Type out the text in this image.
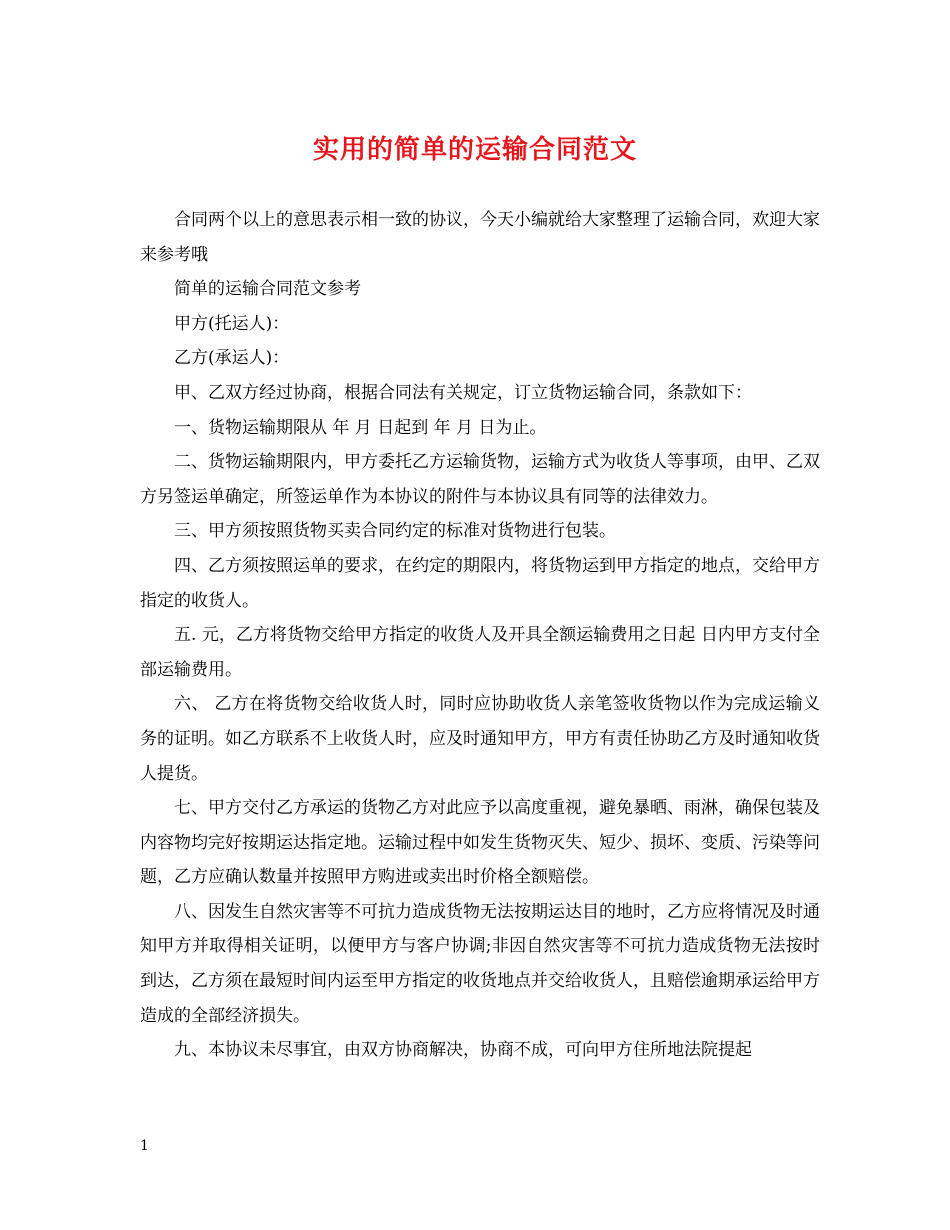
实用的简单的运输合同范文

合同两个以上的意思表示相一致的协议，今天小编就给大家整理了运输合同，欢迎大家来参考哦

简单的运输合同范文参考

甲方(托运人)：

乙方(承运人)：

甲、乙双方经过协商，根据合同法有关规定，订立货物运输合同，条款如下：

一、货物运输期限从 年 月 日起到 年 月 日为止。

二、货物运输期限内，甲方委托乙方运输货物，运输方式为收货人等事项，由甲、乙双方另签运单确定，所签运单作为本协议的附件与本协议具有同等的法律效力。

三、甲方须按照货物买卖合同约定的标准对货物进行包装。

四、乙方须按照运单的要求，在约定的期限内，将货物运到甲方指定的地点，交给甲方指定的收货人。

五. 元，乙方将货物交给甲方指定的收货人及开具全额运输费用之日起 日内甲方支付全部运输费用。

六、 乙方在将货物交给收货人时，同时应协助收货人亲笔签收货物以作为完成运输义务的证明。如乙方联系不上收货人时，应及时通知甲方，甲方有责任协助乙方及时通知收货人提货。

七、甲方交付乙方承运的货物乙方对此应予以高度重视，避免暴晒、雨淋，确保包装及内容物均完好按期运达指定地。运输过程中如发生货物灭失、短少、损坏、变质、污染等问题，乙方应确认数量并按照甲方购进或卖出时价格全额赔偿。

八、因发生自然灾害等不可抗力造成货物无法按期运达目的地时，乙方应将情况及时通知甲方并取得相关证明，以便甲方与客户协调;非因自然灾害等不可抗力造成货物无法按时到达，乙方须在最短时间内运至甲方指定的收货地点并交给收货人，且赔偿逾期承运给甲方造成的全部经济损失。

九、本协议未尽事宜，由双方协商解决，协商不成，可向甲方住所地法院提起

1
